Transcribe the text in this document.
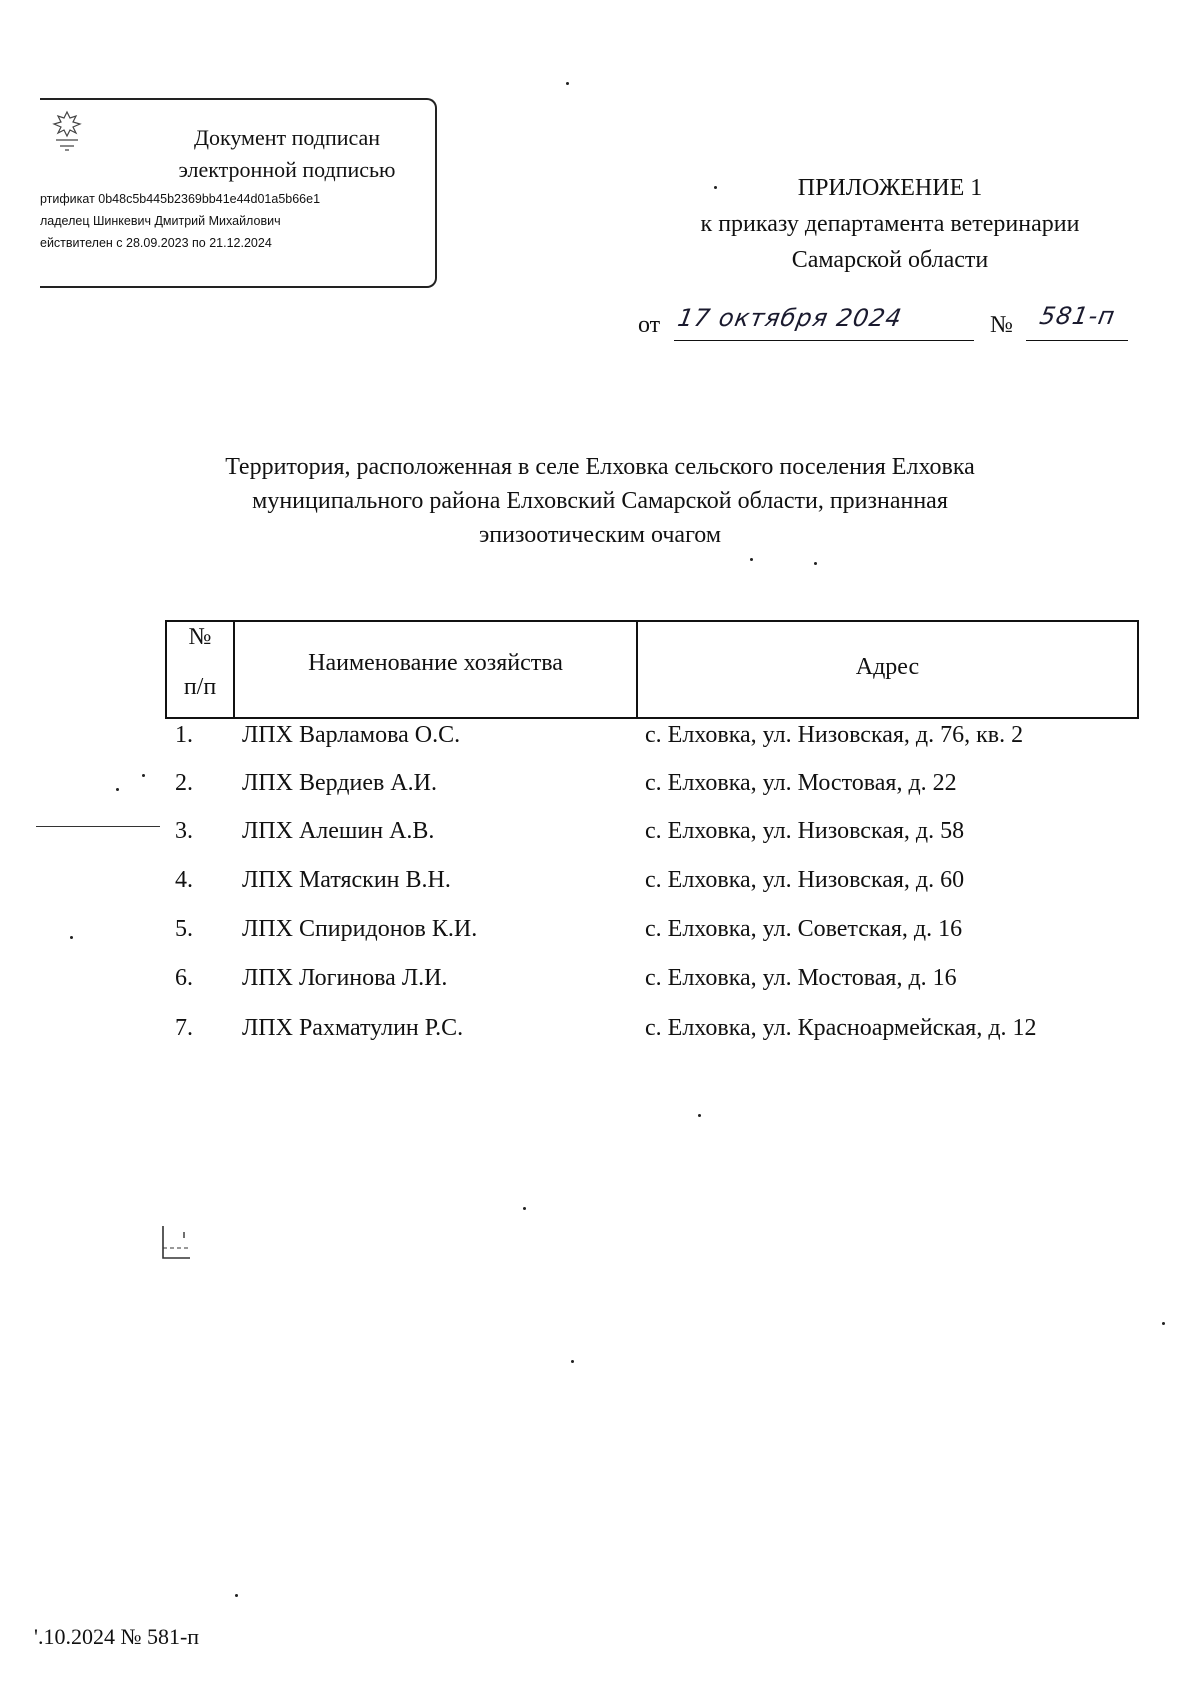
Документ подписан
электронной подписью
ртификат 0b48c5b445b2369bb41e44d01a5b66e1
ладелец Шинкевич Дмитрий Михайлович
ействителен с 28.09.2023 по 21.12.2024
ПРИЛОЖЕНИЕ 1
к приказу департамента ветеринарии
Самарской области
от 17 октября 2024	№ 581-п
Территория, расположенная в селе Елховка сельского поселения Елховка
муниципального района Елховский Самарской области, признанная
эпизоотическим очагом
№
п/п
Наименование хозяйства	Адрес
1. ЛПХ Варламова О.С.	с. Елховка, ул. Низовская, д. 76, кв. 2
2. ЛПХ Вердиев А.И.	с. Елховка, ул. Мостовая, д. 22
3. ЛПХ Алешин А.В.	с. Елховка, ул. Низовская, д. 58
4. ЛПХ Матяскин В.Н.	с. Елховка, ул. Низовская, д. 60
5. ЛПХ Спиридонов К.И.	с. Елховка, ул. Советская, д. 16
6. ЛПХ Логинова Л.И.	с. Елховка, ул. Мостовая, д. 16
7. ЛПХ Рахматулин Р.С.	с. Елховка, ул. Красноармейская, д. 12
'.10.2024 № 581-п
